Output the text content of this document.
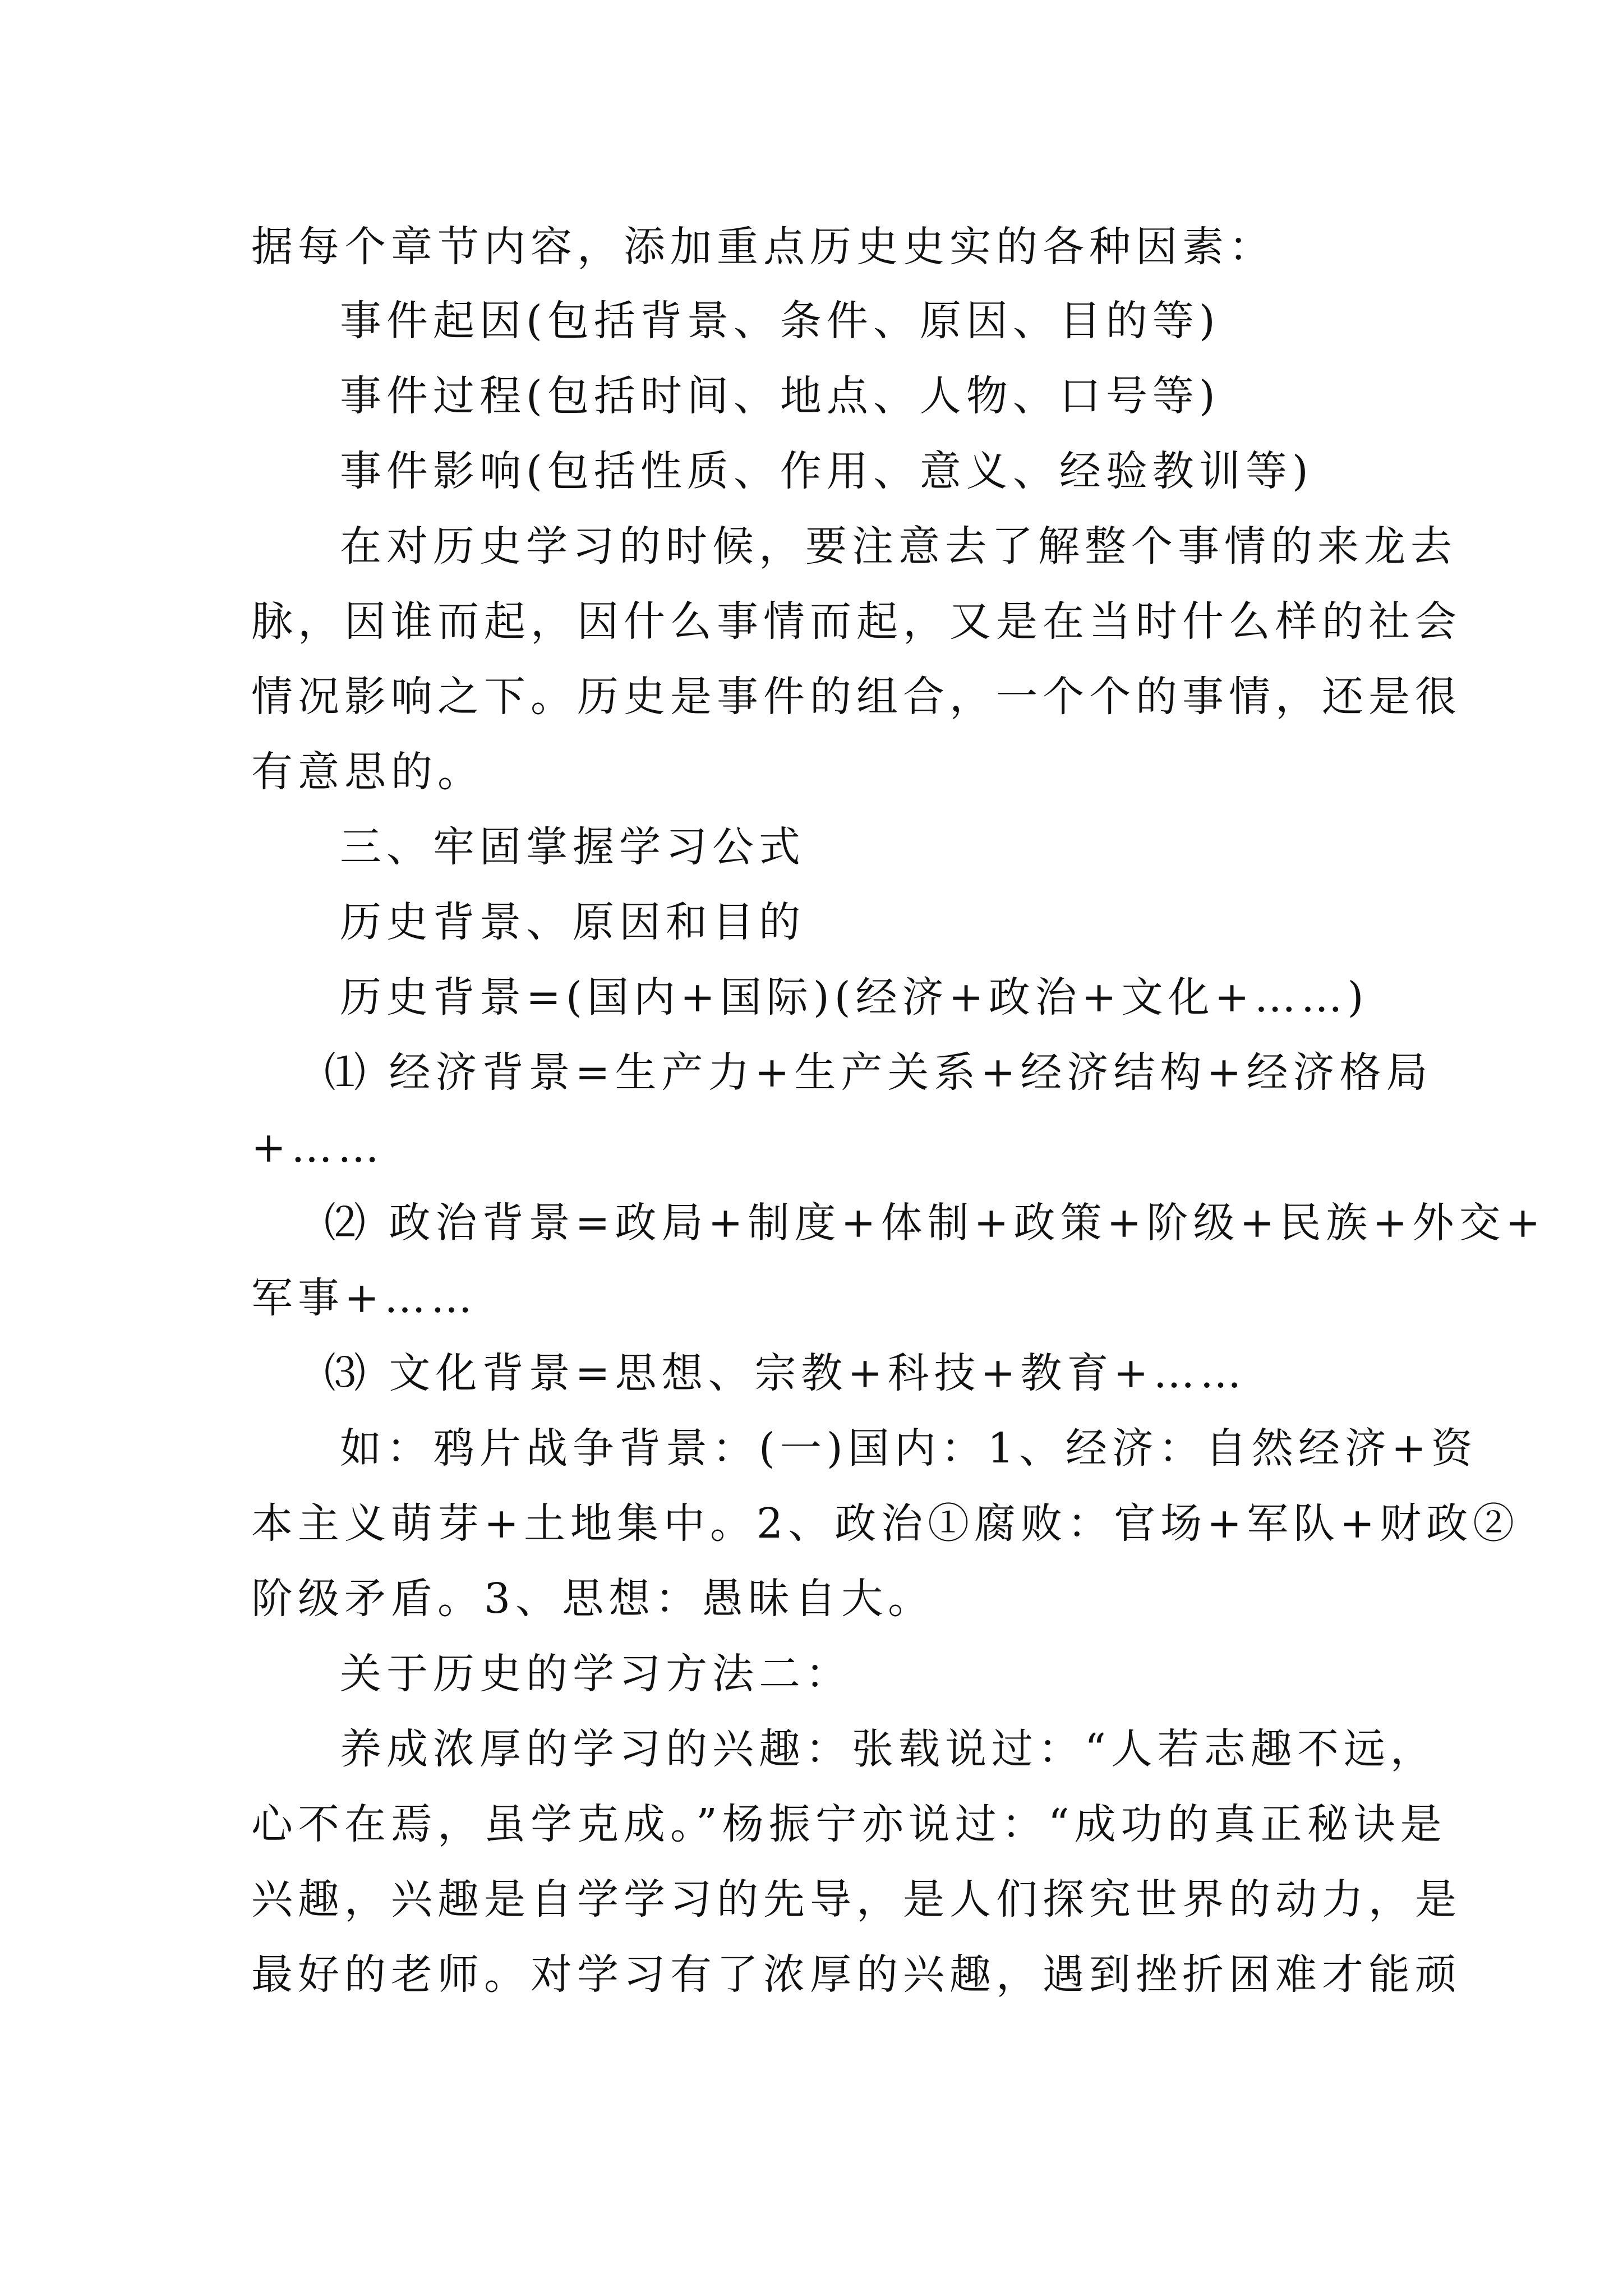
据每个章节内容，添加重点历史史实的各种因素：
事件起因(包括背景、条件、原因、目的等)
事件过程(包括时间、地点、人物、口号等)
事件影响(包括性质、作用、意义、经验教训等)
在对历史学习的时候，要注意去了解整个事情的来龙去
脉，因谁而起，因什么事情而起，又是在当时什么样的社会
情况影响之下。历史是事件的组合，一个个的事情，还是很
有意思的。
三、牢固掌握学习公式
历史背景、原因和目的
历史背景=(国内+国际)(经济+政治+文化+……)
⑴ 经济背景=生产力+生产关系+经济结构+经济格局
+……
⑵ 政治背景=政局+制度+体制+政策+阶级+民族+外交+
军事+……
⑶ 文化背景=思想、宗教+科技+教育+……
如：鸦片战争背景：(一)国内：1、经济：自然经济+资
本主义萌芽+土地集中。2、政治①腐败：官场+军队+财政②
阶级矛盾。3、思想：愚昧自大。
关于历史的学习方法二：
养成浓厚的学习的兴趣：张载说过：“人若志趣不远，
心不在焉，虽学克成。”杨振宁亦说过：“成功的真正秘诀是
兴趣，兴趣是自学学习的先导，是人们探究世界的动力，是
最好的老师。对学习有了浓厚的兴趣，遇到挫折困难才能顽
